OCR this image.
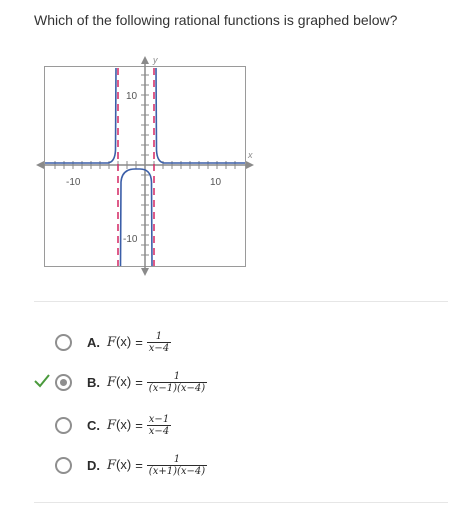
Which of the following rational functions is graphed below?
x
y
-10	10
10
-10
A. $F(x) = \frac{1}{x-4}$
B. $F(x) = \frac{1}{(x-1)(x-4)}$
C. $F(x) = \frac{x-1}{x-4}$
D. $F(x) = \frac{1}{(x+1)(x-4)}$
